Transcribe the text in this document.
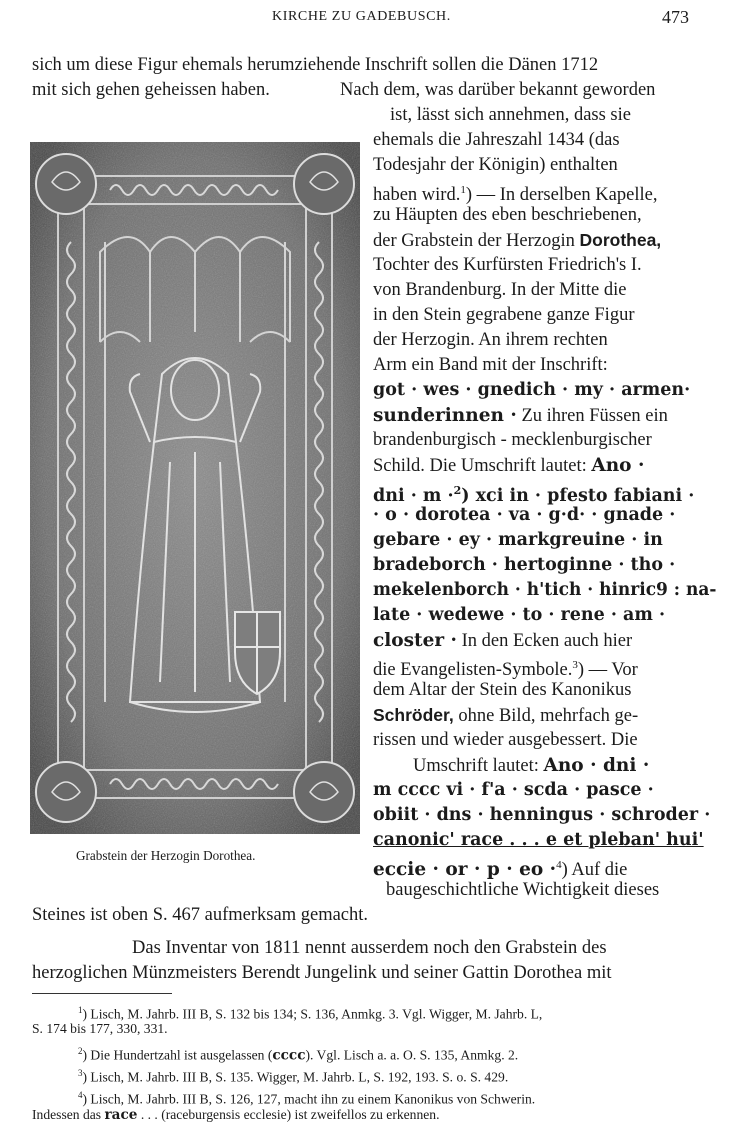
KIRCHE ZU GADEBUSCH.	473
Grabstein der Herzogin Dorothea.
sich um diese Figur ehemals herumziehende Inschrift sollen die Dänen 1712
mit sich gehen geheissen haben.	Nach dem, was darüber bekannt geworden
ist, lässt sich annehmen, dass sie
ehemals die Jahreszahl 1434 (das
Todesjahr der Königin) enthalten
haben wird.$^1$) — In derselben Kapelle,
zu Häupten des eben beschriebenen,
der Grabstein der Herzogin Dorothea,
Tochter des Kurfürsten Friedrich's I.
von Brandenburg. In der Mitte die
in den Stein gegrabene ganze Figur
der Herzogin. An ihrem rechten
Arm ein Band mit der Inschrift:
got · wes · gnedich · my · armen·
sunderinnen · Zu ihren Füssen ein
brandenburgisch - mecklenburgischer
Schild. Die Umschrift lautet: Ano ·
dni · m ·$^2$) xci in · pfesto fabiani ·
· o · dorotea · va · g·d· · gnade ·
gebare · ey · markgreuine · in
bradeborch · hertoginne · tho ·
mekelenborch · h'tich · hinric9 : na-
late · wedewe · to · rene · am ·
closter · In den Ecken auch hier
die Evangelisten-Symbole.$^3$) — Vor
dem Altar der Stein des Kanonikus
Schröder, ohne Bild, mehrfach ge-
rissen und wieder ausgebessert. Die
Umschrift lautet: Ano · dni ·
m cccc vi · f'a · scda · pasce ·
obiit · dns · henningus · schroder ·
canonic' race . . . e et pleban' hui'
eccie · or · p · eo ·$^4$) Auf die
baugeschichtliche Wichtigkeit dieses
Steines ist oben S. 467 aufmerksam gemacht.
Das Inventar von 1811 nennt ausserdem noch den Grabstein des
herzoglichen Münzmeisters Berendt Jungelink und seiner Gattin Dorothea mit
$^1$) Lisch, M. Jahrb. III B, S. 132 bis 134; S. 136, Anmkg. 3. Vgl. Wigger, M. Jahrb. L,
S. 174 bis 177, 330, 331.
$^2$) Die Hundertzahl ist ausgelassen (cccc). Vgl. Lisch a. a. O. S. 135, Anmkg. 2.
$^3$) Lisch, M. Jahrb. III B, S. 135. Wigger, M. Jahrb. L, S. 192, 193. S. o. S. 429.
$^4$) Lisch, M. Jahrb. III B, S. 126, 127, macht ihn zu einem Kanonikus von Schwerin.
Indessen das race . . . (raceburgensis ecclesie) ist zweifellos zu erkennen.
